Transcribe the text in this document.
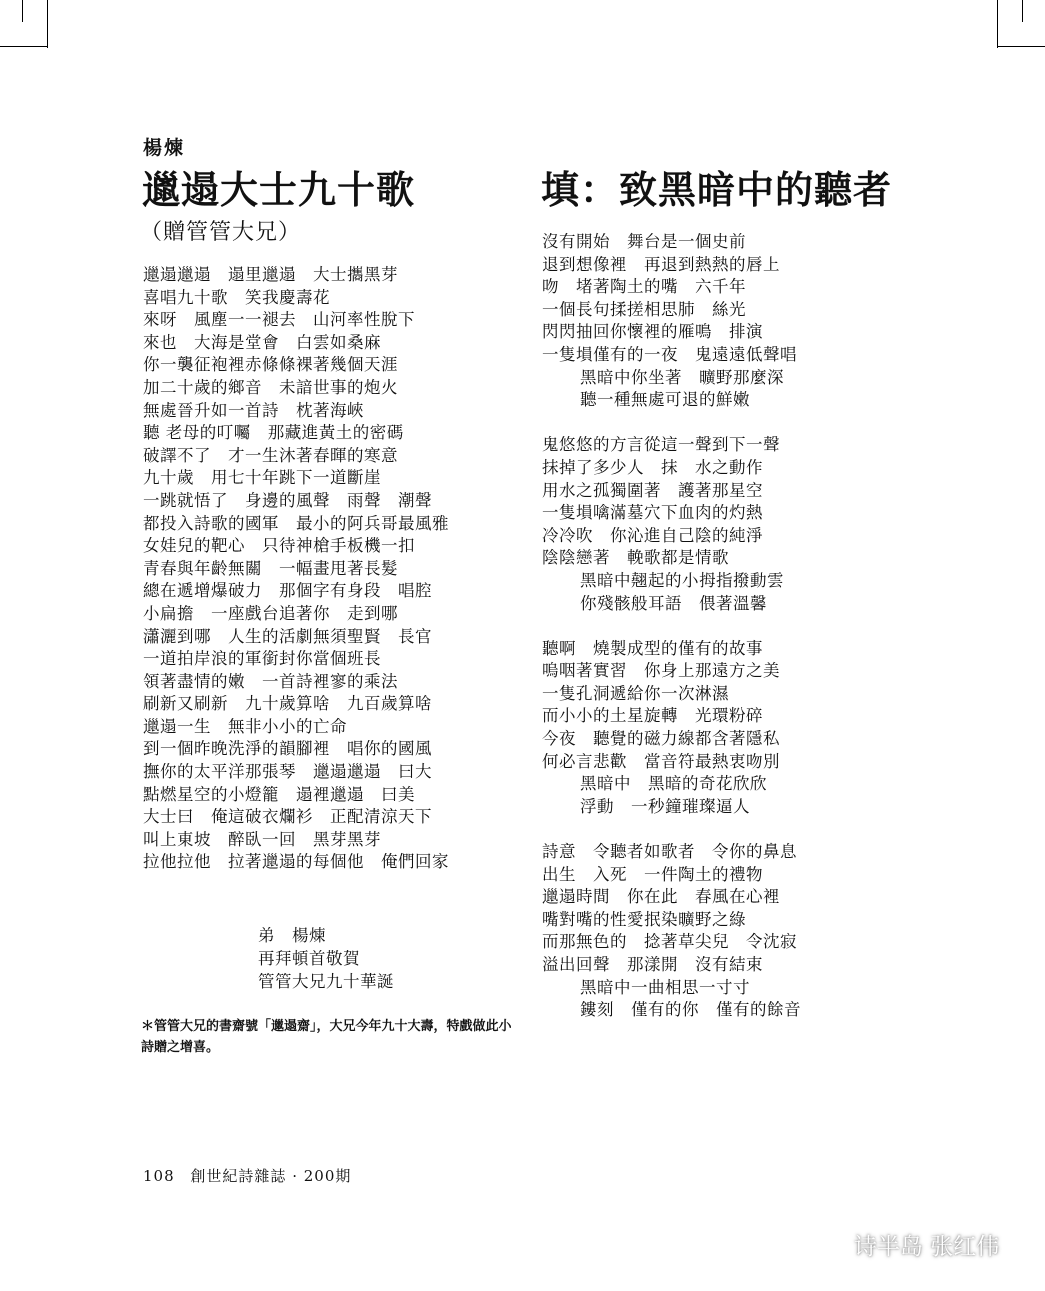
楊煉
邋遢大士九十歌
（贈管管大兄）
邋遢邋遢　遢里邋遢　大士攜黑芽
喜唱九十歌　笑我慶壽花
來呀　風塵一一褪去　山河率性脫下
來也　大海是堂會　白雲如桑麻
你一襲征袍裡赤條條裸著幾個天涯
加二十歲的鄉音　未諳世事的炮火
無處晉升如一首詩　枕著海峽
聽 老母的叮囑　那藏進黃土的密碼
破譯不了　才一生沐著春暉的寒意
九十歲　用七十年跳下一道斷崖
一跳就悟了　身邊的風聲　雨聲　潮聲
都投入詩歌的國軍　最小的阿兵哥最風雅
女娃兒的靶心　只待神槍手板機一扣
青春與年齡無關　一幅畫甩著長髮
總在遞增爆破力　那個字有身段　唱腔
小扁擔　一座戲台追著你　走到哪
瀟灑到哪　人生的活劇無須聖賢　長官
一道拍岸浪的軍銜封你當個班長
領著盡情的嫩　一首詩裡寥的乘法
刷新又刷新　九十歲算啥　九百歲算啥
邋遢一生　無非小小的亡命
到一個昨晚洗淨的韻腳裡　唱你的國風
撫你的太平洋那張琴　邋遢邋遢　曰大
點燃星空的小燈籠　遢裡邋遢　曰美
大士曰　俺這破衣爛衫　正配清涼天下
叫上東坡　醉臥一回　黑芽黑芽
拉他拉他　拉著邋遢的每個他　俺們回家
弟　楊煉
再拜頓首敬賀
管管大兄九十華誕
＊管管大兄的書齋號「邋遢齋」，大兄今年九十大壽，特戲做此小詩贈之增喜。
填：致黑暗中的聽者
沒有開始　舞台是一個史前
退到想像裡　再退到熱熱的唇上
吻　堵著陶土的嘴　六千年
一個長句揉搓相思肺　絲光
閃閃抽回你懷裡的雁鳴　排演
一隻塤僅有的一夜　鬼遠遠低聲唱
黑暗中你坐著　曠野那麼深
聽一種無處可退的鮮嫩
鬼悠悠的方言從這一聲到下一聲
抹掉了多少人　抹　水之動作
用水之孤獨圍著　護著那星空
一隻塤噙滿墓穴下血肉的灼熱
冷冷吹　你沁進自己陰的純淨
陰陰戀著　輓歌都是情歌
黑暗中翹起的小拇指撥動雲
你殘骸般耳語　偎著溫馨
聽啊　燒製成型的僅有的故事
嗚咽著實習　你身上那遠方之美
一隻孔洞遞給你一次淋濕
而小小的土星旋轉　光環粉碎
今夜　聽覺的磁力線都含著隱私
何必言悲歡　當音符最熱衷吻別
黑暗中　黑暗的奇花欣欣
浮動　一秒鐘璀璨逼人
詩意　令聽者如歌者　令你的鼻息
出生　入死　一件陶土的禮物
邋遢時間　你在此　春風在心裡
嘴對嘴的性愛抿染曠野之綠
而那無色的　捻著草尖兒　令沈寂
溢出回聲　那漾開　沒有結束
黑暗中一曲相思一寸寸
鏤刻　僅有的你　僅有的餘音
108 創世紀詩雜誌 · 200期
诗半岛 张红伟
